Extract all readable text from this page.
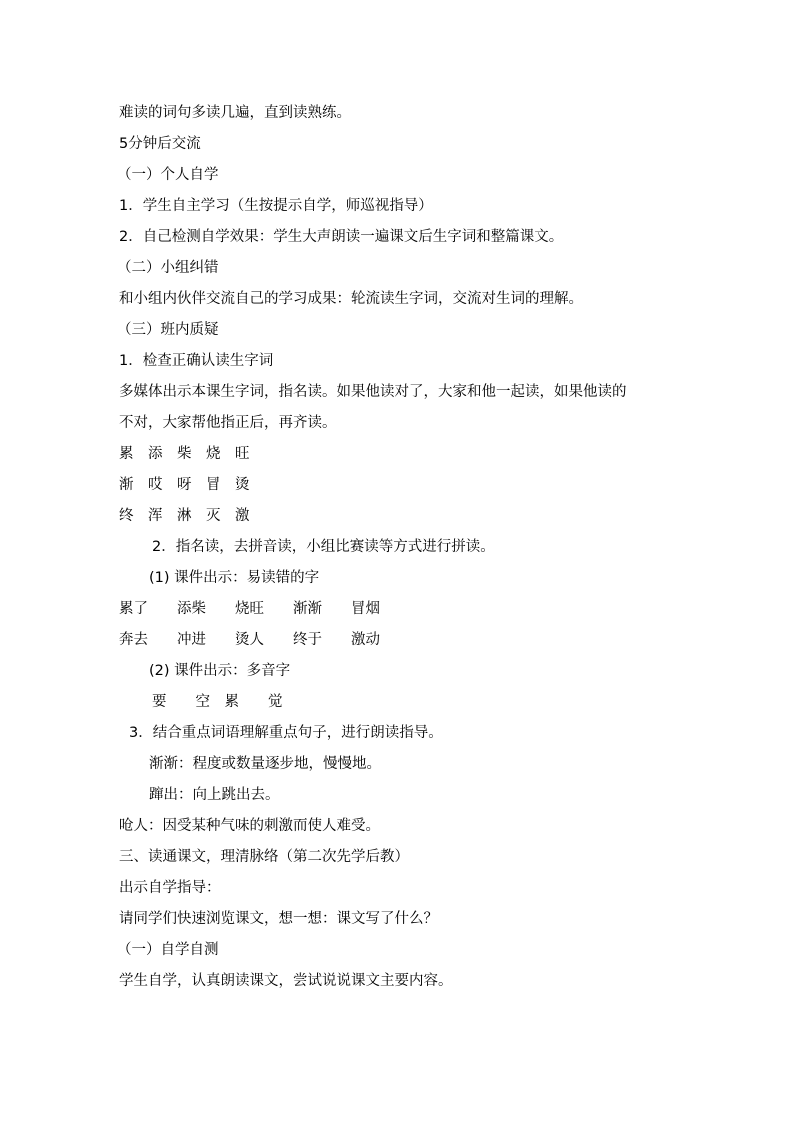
难读的词句多读几遍，直到读熟练。
5分钟后交流
（一）个人自学
1．学生自主学习（生按提示自学，师巡视指导）
2．自己检测自学效果：学生大声朗读一遍课文后生字词和整篇课文。
（二）小组纠错
和小组内伙伴交流自己的学习成果：轮流读生字词，交流对生词的理解。
（三）班内质疑
1．检查正确认读生字词
多媒体出示本课生字词，指名读。如果他读对了，大家和他一起读，如果他读的
不对，大家帮他指正后，再齐读。
累　添　柴　烧　旺
渐　哎　呀　冒　烫
终　浑　淋　灭　激
2．指名读，去拼音读，小组比赛读等方式进行拼读。
(1) 课件出示：易读错的字
累了　　添柴　　烧旺　　渐渐　　冒烟
奔去　　冲进　　烫人　　终于　　激动
(2) 课件出示：多音字
要　　空　累　　觉
3．结合重点词语理解重点句子，进行朗读指导。
渐渐：程度或数量逐步地，慢慢地。
蹿出：向上跳出去。
呛人：因受某种气味的刺激而使人难受。
三、读通课文，理清脉络（第二次先学后教）
出示自学指导：
请同学们快速浏览课文，想一想：课文写了什么？
（一）自学自测
学生自学，认真朗读课文，尝试说说课文主要内容。
